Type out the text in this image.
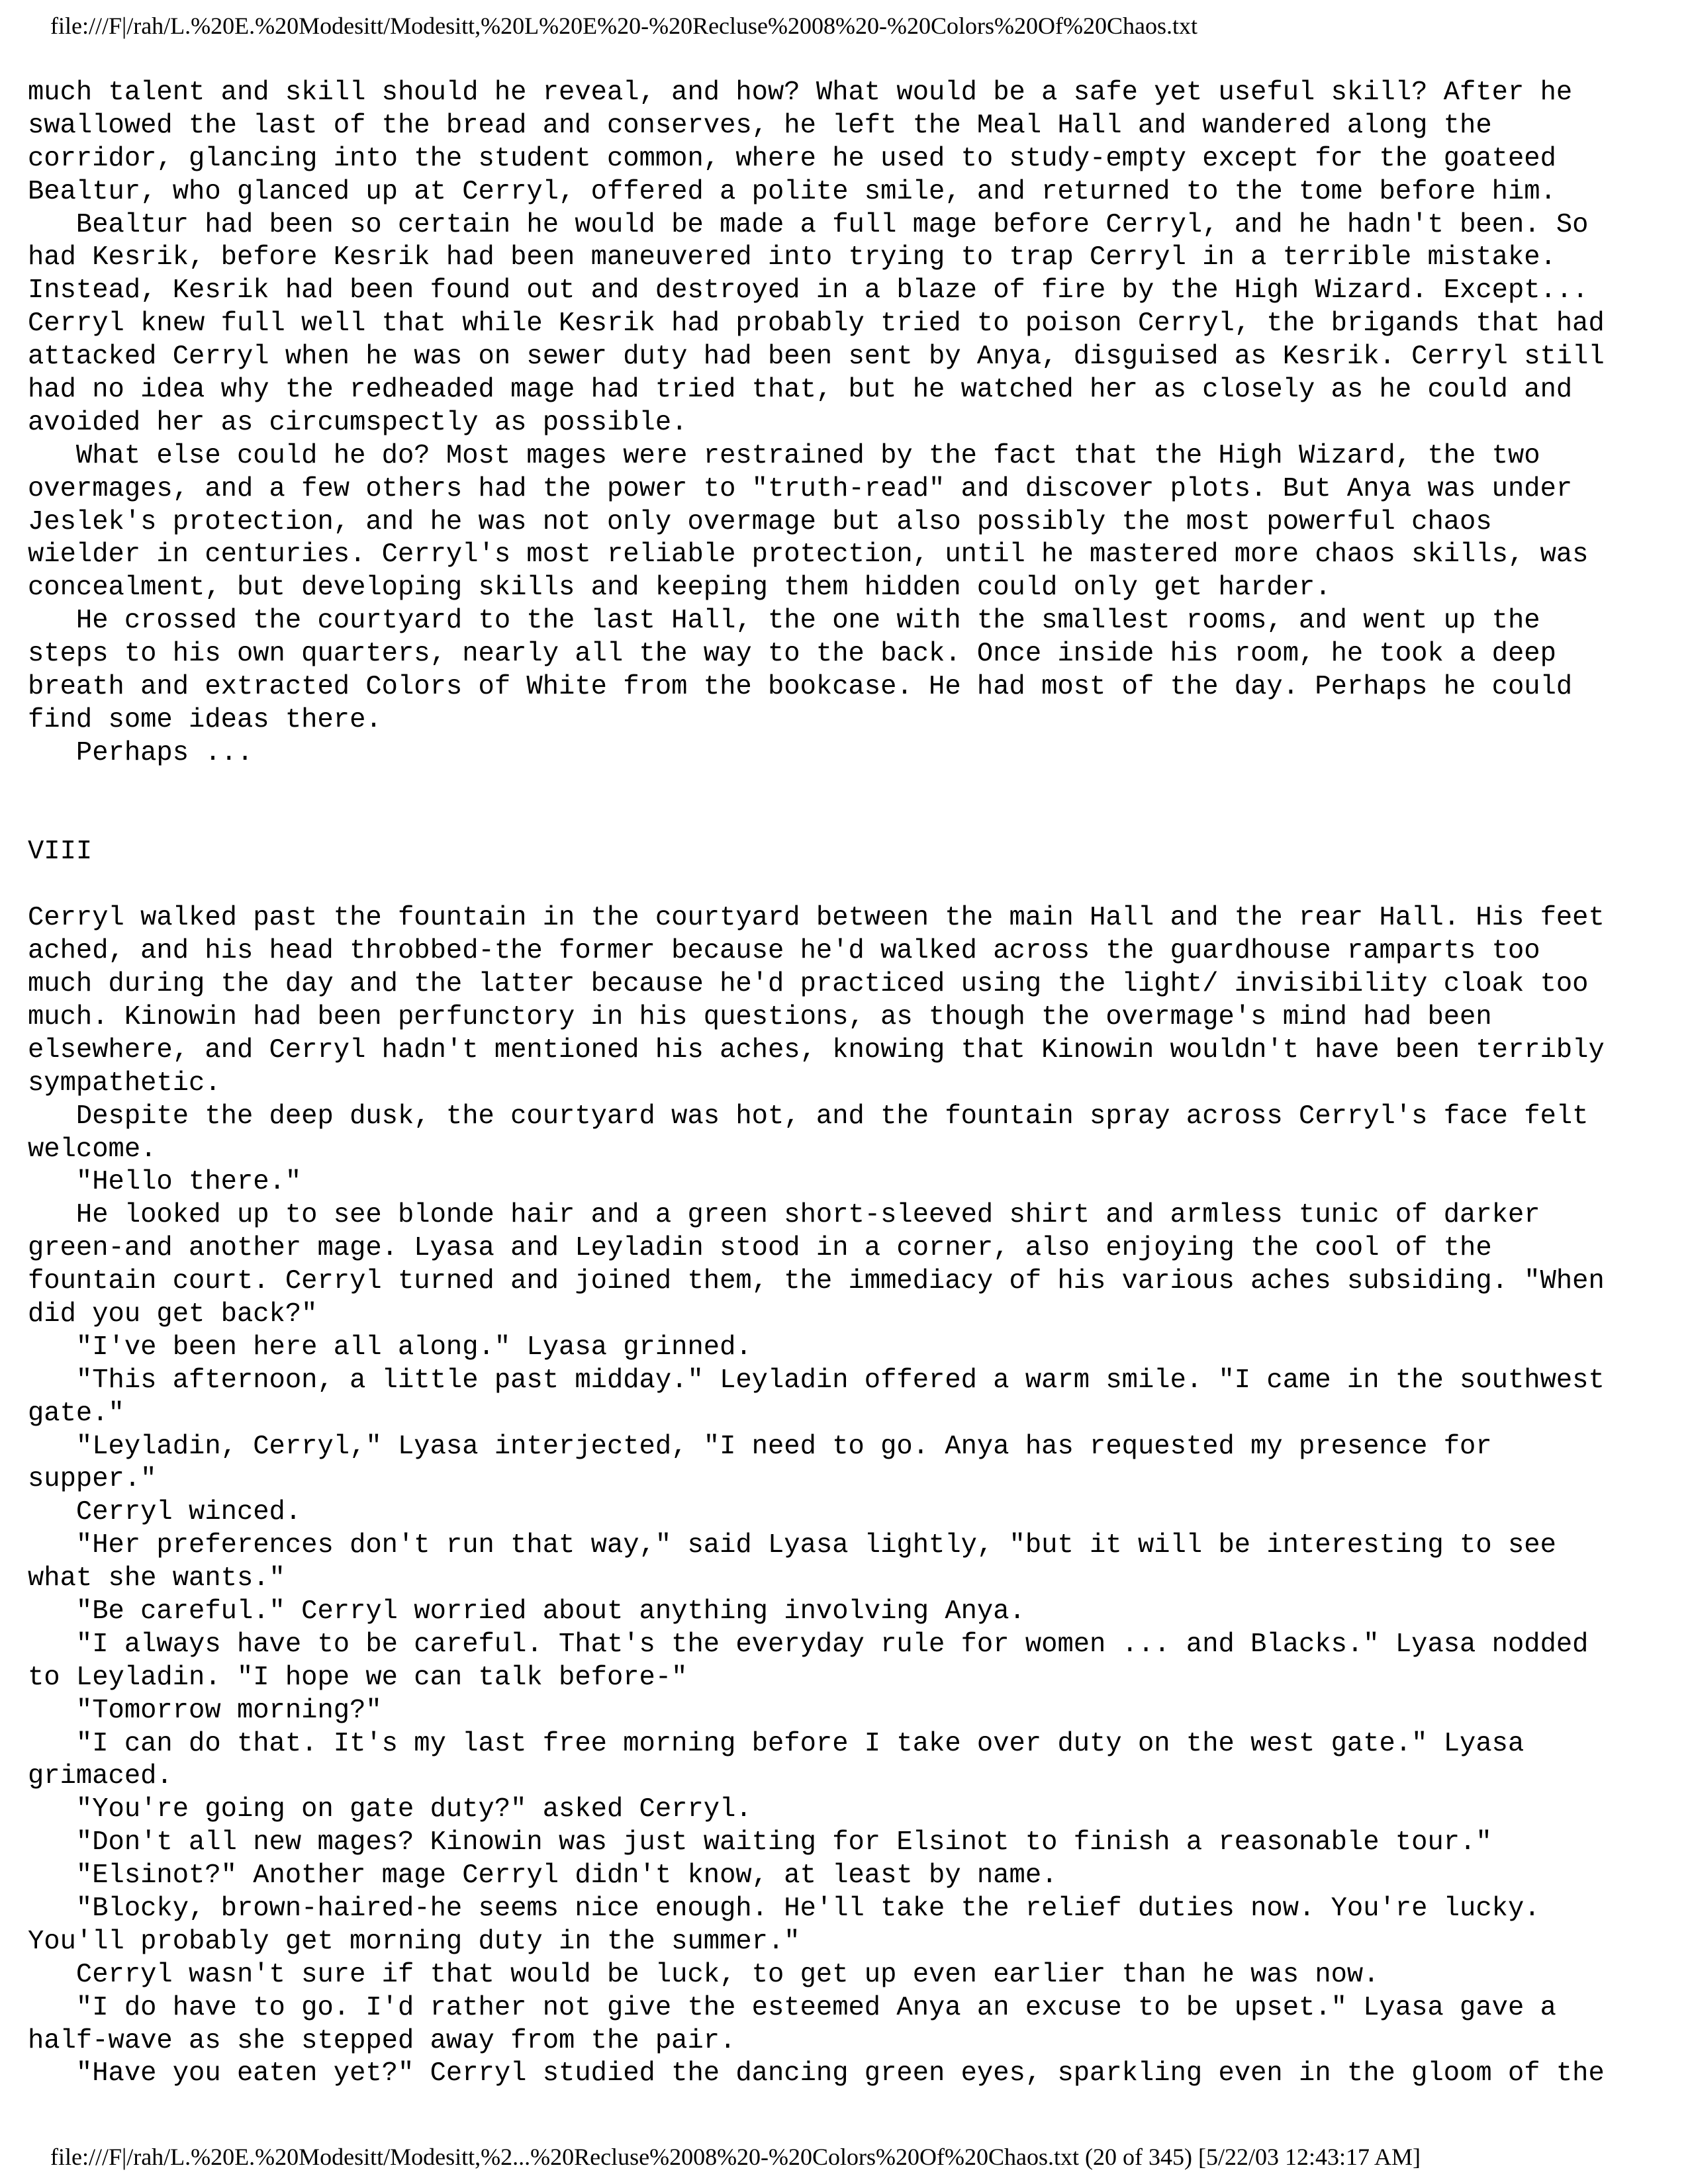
file:///F|/rah/L.%20E.%20Modesitt/Modesitt,%20L%20E%20-%20Recluse%2008%20-%20Colors%20Of%20Chaos.txt
much talent and skill should he reveal, and how? What would be a safe yet useful skill? After he
swallowed the last of the bread and conserves, he left the Meal Hall and wandered along the
corridor, glancing into the student common, where he used to study-empty except for the goateed
Bealtur, who glanced up at Cerryl, offered a polite smile, and returned to the tome before him.
Bealtur had been so certain he would be made a full mage before Cerryl, and he hadn't been. So
had Kesrik, before Kesrik had been maneuvered into trying to trap Cerryl in a terrible mistake.
Instead, Kesrik had been found out and destroyed in a blaze of fire by the High Wizard. Except...
Cerryl knew full well that while Kesrik had probably tried to poison Cerryl, the brigands that had
attacked Cerryl when he was on sewer duty had been sent by Anya, disguised as Kesrik. Cerryl still
had no idea why the redheaded mage had tried that, but he watched her as closely as he could and
avoided her as circumspectly as possible.
What else could he do? Most mages were restrained by the fact that the High Wizard, the two
overmages, and a few others had the power to "truth-read" and discover plots. But Anya was under
Jeslek's protection, and he was not only overmage but also possibly the most powerful chaos
wielder in centuries. Cerryl's most reliable protection, until he mastered more chaos skills, was
concealment, but developing skills and keeping them hidden could only get harder.
He crossed the courtyard to the last Hall, the one with the smallest rooms, and went up the
steps to his own quarters, nearly all the way to the back. Once inside his room, he took a deep
breath and extracted Colors of White from the bookcase. He had most of the day. Perhaps he could
find some ideas there.
Perhaps ...
VIII
Cerryl walked past the fountain in the courtyard between the main Hall and the rear Hall. His feet
ached, and his head throbbed-the former because he'd walked across the guardhouse ramparts too
much during the day and the latter because he'd practiced using the light/ invisibility cloak too
much. Kinowin had been perfunctory in his questions, as though the overmage's mind had been
elsewhere, and Cerryl hadn't mentioned his aches, knowing that Kinowin wouldn't have been terribly
sympathetic.
Despite the deep dusk, the courtyard was hot, and the fountain spray across Cerryl's face felt
welcome.
"Hello there."
He looked up to see blonde hair and a green short-sleeved shirt and armless tunic of darker
green-and another mage. Lyasa and Leyladin stood in a corner, also enjoying the cool of the
fountain court. Cerryl turned and joined them, the immediacy of his various aches subsiding. "When
did you get back?"
"I've been here all along." Lyasa grinned.
"This afternoon, a little past midday." Leyladin offered a warm smile. "I came in the southwest
gate."
"Leyladin, Cerryl," Lyasa interjected, "I need to go. Anya has requested my presence for
supper."
Cerryl winced.
"Her preferences don't run that way," said Lyasa lightly, "but it will be interesting to see
what she wants."
"Be careful." Cerryl worried about anything involving Anya.
"I always have to be careful. That's the everyday rule for women ... and Blacks." Lyasa nodded
to Leyladin. "I hope we can talk before-"
"Tomorrow morning?"
"I can do that. It's my last free morning before I take over duty on the west gate." Lyasa
grimaced.
"You're going on gate duty?" asked Cerryl.
"Don't all new mages? Kinowin was just waiting for Elsinot to finish a reasonable tour."
"Elsinot?" Another mage Cerryl didn't know, at least by name.
"Blocky, brown-haired-he seems nice enough. He'll take the relief duties now. You're lucky.
You'll probably get morning duty in the summer."
Cerryl wasn't sure if that would be luck, to get up even earlier than he was now.
"I do have to go. I'd rather not give the esteemed Anya an excuse to be upset." Lyasa gave a
half-wave as she stepped away from the pair.
"Have you eaten yet?" Cerryl studied the dancing green eyes, sparkling even in the gloom of the
file:///F|/rah/L.%20E.%20Modesitt/Modesitt,%2...%20Recluse%2008%20-%20Colors%20Of%20Chaos.txt (20 of 345) [5/22/03 12:43:17 AM]
